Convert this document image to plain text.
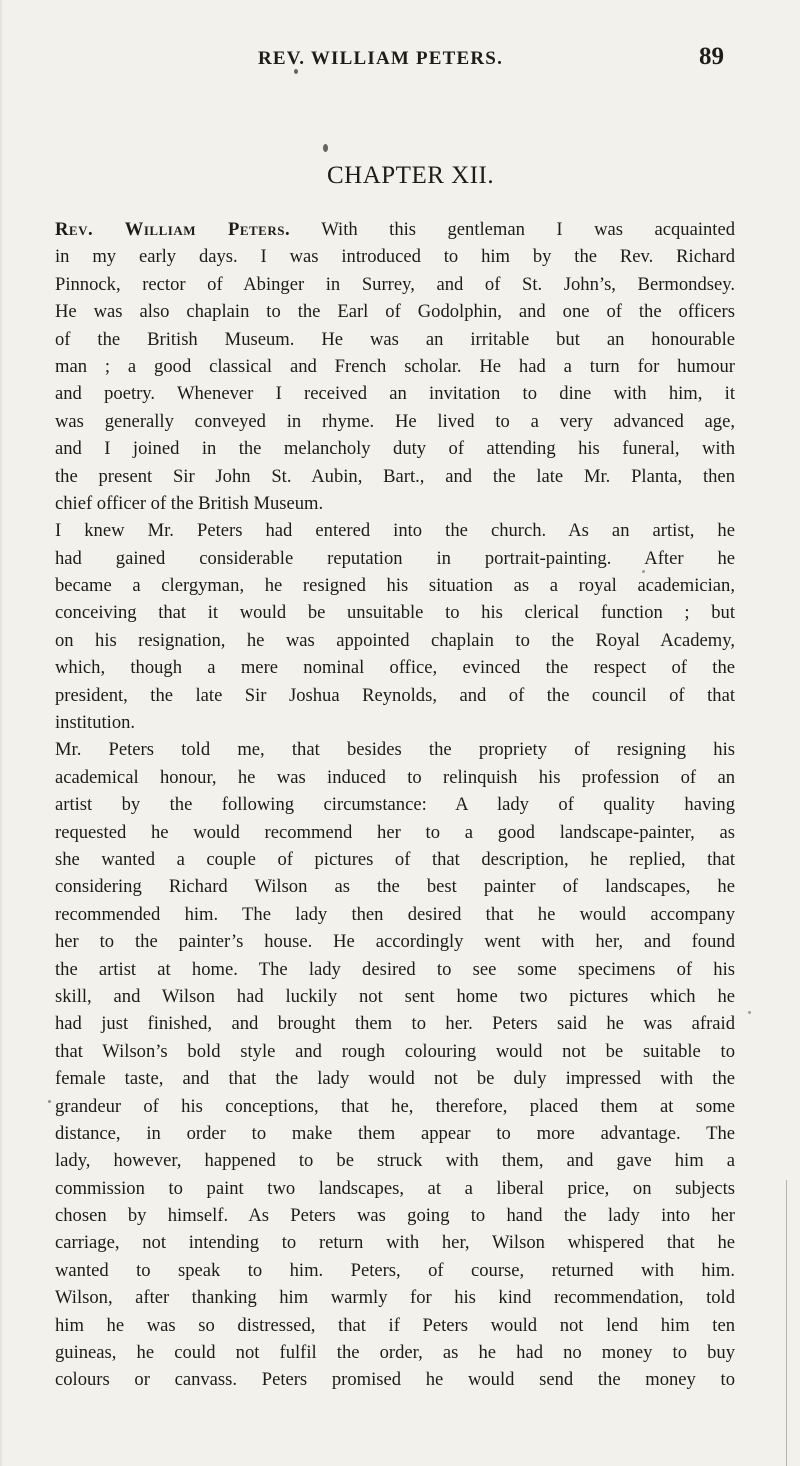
REV. WILLIAM PETERS.	89
CHAPTER XII.
Rev. William Peters. With this gentleman I was acquainted
in my early days. I was introduced to him by the Rev. Richard
Pinnock, rector of Abinger in Surrey, and of St. John’s, Bermondsey.
He was also chaplain to the Earl of Godolphin, and one of the officers
of the British Museum. He was an irritable but an honourable
man ; a good classical and French scholar. He had a turn for humour
and poetry. Whenever I received an invitation to dine with him, it
was generally conveyed in rhyme. He lived to a very advanced age,
and I joined in the melancholy duty of attending his funeral, with
the present Sir John St. Aubin, Bart., and the late Mr. Planta, then
chief officer of the British Museum.
I knew Mr. Peters had entered into the church. As an artist, he
had gained considerable reputation in portrait-painting. After he
became a clergyman, he resigned his situation as a royal academician,
conceiving that it would be unsuitable to his clerical function ; but
on his resignation, he was appointed chaplain to the Royal Academy,
which, though a mere nominal office, evinced the respect of the
president, the late Sir Joshua Reynolds, and of the council of that
institution.
Mr. Peters told me, that besides the propriety of resigning his
academical honour, he was induced to relinquish his profession of an
artist by the following circumstance: A lady of quality having
requested he would recommend her to a good landscape-painter, as
she wanted a couple of pictures of that description, he replied, that
considering Richard Wilson as the best painter of landscapes, he
recommended him. The lady then desired that he would accompany
her to the painter’s house. He accordingly went with her, and found
the artist at home. The lady desired to see some specimens of his
skill, and Wilson had luckily not sent home two pictures which he
had just finished, and brought them to her. Peters said he was afraid
that Wilson’s bold style and rough colouring would not be suitable to
female taste, and that the lady would not be duly impressed with the
grandeur of his conceptions, that he, therefore, placed them at some
distance, in order to make them appear to more advantage. The
lady, however, happened to be struck with them, and gave him a
commission to paint two landscapes, at a liberal price, on subjects
chosen by himself. As Peters was going to hand the lady into her
carriage, not intending to return with her, Wilson whispered that he
wanted to speak to him. Peters, of course, returned with him.
Wilson, after thanking him warmly for his kind recommendation, told
him he was so distressed, that if Peters would not lend him ten
guineas, he could not fulfil the order, as he had no money to buy
colours or canvass. Peters promised he would send the money to
